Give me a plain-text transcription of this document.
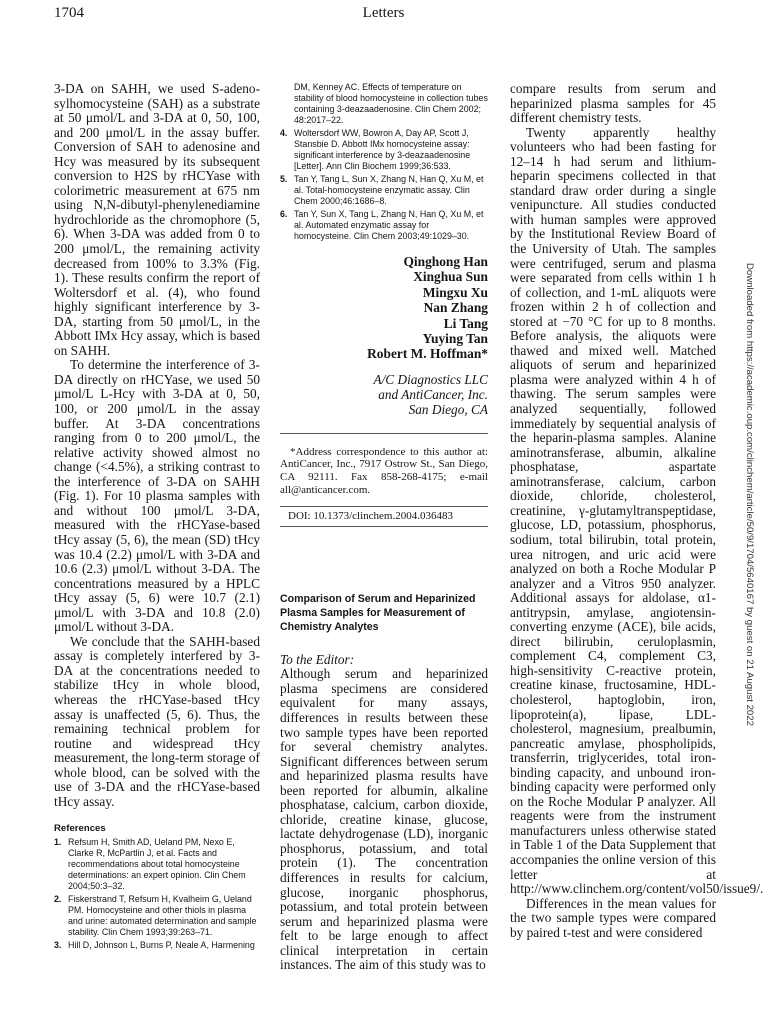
1704	Letters

3-DA on SAHH, we used S-adeno-sylhomocysteine (SAH) as a substrate at 50 μmol/L and 3-DA at 0, 50, 100, and 200 μmol/L in the assay buffer. Conversion of SAH to adenosine and Hcy was measured by its subsequent conversion to H2S by rHCYase with colorimetric measurement at 675 nm using N,N-dibutyl-phenylenediamine hydrochloride as the chromophore (5, 6). When 3-DA was added from 0 to 200 μmol/L, the remaining activity decreased from 100% to 3.3% (Fig. 1). These results confirm the report of Woltersdorf et al. (4), who found highly significant interference by 3-DA, starting from 50 μmol/L, in the Abbott IMx Hcy assay, which is based on SAHH.

To determine the interference of 3-DA directly on rHCYase, we used 50 μmol/L L-Hcy with 3-DA at 0, 50, 100, or 200 μmol/L in the assay buffer. At 3-DA concentrations ranging from 0 to 200 μmol/L, the relative activity showed almost no change (<4.5%), a striking contrast to the interference of 3-DA on SAHH (Fig. 1). For 10 plasma samples with and without 100 μmol/L 3-DA, measured with the rHCYase-based tHcy assay (5, 6), the mean (SD) tHcy was 10.4 (2.2) μmol/L with 3-DA and 10.6 (2.3) μmol/L without 3-DA. The concentrations measured by a HPLC tHcy assay (5, 6) were 10.7 (2.1) μmol/L with 3-DA and 10.8 (2.0) μmol/L without 3-DA.

We conclude that the SAHH-based assay is completely interfered by 3-DA at the concentrations needed to stabilize tHcy in whole blood, whereas the rHCYase-based tHcy assay is unaffected (5, 6). Thus, the remaining technical problem for routine and widespread tHcy measurement, the long-term storage of whole blood, can be solved with the use of 3-DA and the rHCYase-based tHcy assay.

References
1. Refsum H, Smith AD, Ueland PM, Nexo E, Clarke R, McPartlin J, et al. Facts and recommendations about total homocysteine determinations: an expert opinion. Clin Chem 2004;50:3–32.
2. Fiskerstrand T, Refsum H, Kvalheim G, Ueland PM. Homocysteine and other thiols in plasma and urine: automated determination and sample stability. Clin Chem 1993;39:263–71.
3. Hill D, Johnson L, Burns P, Neale A, Harmening
DM, Kenney AC. Effects of temperature on stability of blood homocysteine in collection tubes containing 3-deazaadenosine. Clin Chem 2002; 48:2017–22.
4. Woltersdorf WW, Bowron A, Day AP, Scott J, Stansbie D. Abbott IMx homocysteine assay: significant interference by 3-deazaadenosine [Letter]. Ann Clin Biochem 1999;36:533.
5. Tan Y, Tang L, Sun X, Zhang N, Han Q, Xu M, et al. Total-homocysteine enzymatic assay. Clin Chem 2000;46:1686–8.
6. Tan Y, Sun X, Tang L, Zhang N, Han Q, Xu M, et al. Automated enzymatic assay for homocysteine. Clin Chem 2003;49:1029–30.
Qinghong Han
Xinghua Sun
Mingxu Xu
Nan Zhang
Li Tang
Yuying Tan
Robert M. Hoffman*
A/C Diagnostics LLC
and AntiCancer, Inc.
San Diego, CA
*Address correspondence to this author at: AntiCancer, Inc., 7917 Ostrow St., San Diego, CA 92111. Fax 858-268-4175; e-mail all@anticancer.com.
DOI: 10.1373/clinchem.2004.036483
Comparison of Serum and Heparinized Plasma Samples for Measurement of Chemistry Analytes
To the Editor:

Although serum and heparinized plasma specimens are considered equivalent for many assays, differences in results between these two sample types have been reported for several chemistry analytes. Significant differences between serum and heparinized plasma results have been reported for albumin, alkaline phosphatase, calcium, carbon dioxide, chloride, creatine kinase, glucose, lactate dehydrogenase (LD), inorganic phosphorus, potassium, and total protein (1). The concentration differences in results for calcium, glucose, inorganic phosphorus, potassium, and total protein between serum and heparinized plasma were felt to be large enough to affect clinical interpretation in certain instances. The aim of this study was to

compare results from serum and heparinized plasma samples for 45 different chemistry tests.

Twenty apparently healthy volunteers who had been fasting for 12–14 h had serum and lithium-heparin specimens collected in that standard draw order during a single venipuncture. All studies conducted with human samples were approved by the Institutional Review Board of the University of Utah. The samples were centrifuged, serum and plasma were separated from cells within 1 h of collection, and 1-mL aliquots were frozen within 2 h of collection and stored at −70 °C for up to 8 months. Before analysis, the aliquots were thawed and mixed well. Matched aliquots of serum and heparinized plasma were analyzed within 4 h of thawing. The serum samples were analyzed sequentially, followed immediately by sequential analysis of the heparin-plasma samples. Alanine aminotransferase, albumin, alkaline phosphatase, aspartate aminotransferase, calcium, carbon dioxide, chloride, cholesterol, creatinine, γ-glutamyltranspeptidase, glucose, LD, potassium, phosphorus, sodium, total bilirubin, total protein, urea nitrogen, and uric acid were analyzed on both a Roche Modular P analyzer and a Vitros 950 analyzer. Additional assays for aldolase, α1-antitrypsin, amylase, angiotensin-converting enzyme (ACE), bile acids, direct bilirubin, ceruloplasmin, complement C4, complement C3, high-sensitivity C-reactive protein, creatine kinase, fructosamine, HDL-cholesterol, haptoglobin, iron, lipoprotein(a), lipase, LDL-cholesterol, magnesium, prealbumin, pancreatic amylase, phospholipids, transferrin, triglycerides, total iron-binding capacity, and unbound iron-binding capacity were performed only on the Roche Modular P analyzer. All reagents were from the instrument manufacturers unless otherwise stated in Table 1 of the Data Supplement that accompanies the online version of this letter at http://www.clinchem.org/content/vol50/issue9/.

Differences in the mean values for the two sample types were compared by paired t-test and were considered

Downloaded from https://academic.oup.com/clinchem/article/50/9/1704/5640167 by guest on 21 August 2022
